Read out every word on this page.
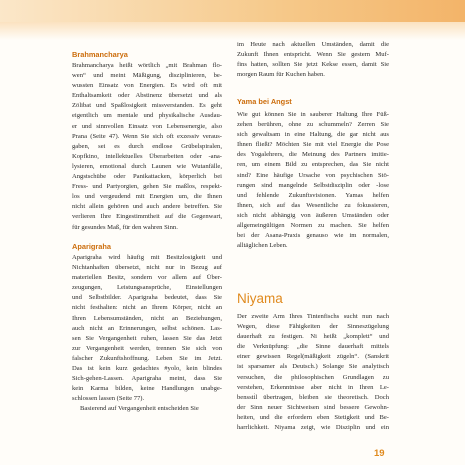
Brahmancharya
Brahmancharya heißt wörtlich „mit Brahman flo-
wen“ und meint Mäßigung, disziplinieren, be-
wussten Einsatz von Energien. Es wird oft mit
Enthaltsamkeit oder Abstinenz übersetzt und als
Zölibat und Spaßlosigkeit missverstanden. Es geht
eigentlich um mentale und physikalische Ausdau-
er und sinnvollen Einsatz von Lebensenergie, also
Prana (Seite 47). Wenn Sie sich oft exzessiv veraus-
gaben, sei es durch endlose Grübelspiralen,
Kopfkino, intellektuelles Überarbeiten oder -ana-
lysieren, emotional durch Launen wie Wutanfälle,
Angstschübe oder Panikattacken, körperlich bei
Fress- und Partyorgien, gehen Sie maßlos, respekt-
los und vergeudend mit Energien um, die Ihnen
nicht allein gehören und auch andere betreffen. Sie
verlieren Ihre Eingestimmtheit auf die Gegenwart,
für gesundes Maß, für den wahren Sinn.
Aparigraha
Aparigraha wird häufig mit Besitzlosigkeit und
Nichtanhaften übersetzt, nicht nur in Bezug auf
materiellen Besitz, sondern vor allem auf Über-
zeugungen, Leistungsansprüche, Einstellungen
und Selbstbilder. Aparigraha bedeutet, dass Sie
nicht festhalten: nicht an Ihrem Körper, nicht an
Ihren Lebensumständen, nicht an Beziehungen,
auch nicht an Erinnerungen, selbst schönen. Las-
sen Sie Vergangenheit ruhen, lassen Sie das Jetzt
zur Vergangenheit werden, trennen Sie sich von
falscher Zukunftshoffnung. Leben Sie im Jetzt.
Das ist kein kurz gedachtes #yolo, kein blindes
Sich-gehen-Lassen. Aparigraha meint, dass Sie
kein Karma bilden, keine Handlungen unabge-
schlossen lassen (Seite 77).
Basierend auf Vergangenheit entscheiden Sie
im Heute nach aktuellen Umständen, damit die
Zukunft Ihnen entspricht. Wenn Sie gestern Muf-
fins hatten, sollten Sie jetzt Kekse essen, damit Sie
morgen Raum für Kuchen haben.
Yama bei Angst
Wie gut können Sie in sauberer Haltung Ihre Füß-
zehen berühren, ohne zu schummeln? Zerren Sie
sich gewaltsam in eine Haltung, die gar nicht aus
Ihnen fließt? Möchten Sie mit viel Energie die Pose
des Yogalehrers, die Meinung des Partners imitie-
ren, um einem Bild zu entsprechen, das Sie nicht
sind? Eine häufige Ursache von psychischen Stö-
rungen sind mangelnde Selbstdisziplin oder -lose
und fehlende Zukunftsvisionen. Yamas helfen
Ihnen, sich auf das Wesentliche zu fokussieren,
sich nicht abhängig von äußeren Umständen oder
allgemeingültigen Normen zu machen. Sie helfen
bei der Asana-Praxis genauso wie im normalen,
alltäglichen Leben.
Niyama
Der zweite Arm Ihres Tintenfischs sucht nun nach
Wegen, diese Fähigkeiten der Sinneszügelung
dauerhaft zu festigen. Ni heißt „komplett“ und
die Verknüpfung: „die Sinne dauerhaft mittels
einer gewissen Regel(mäßigkeit zügeln“. (Sanskrit
ist sparsamer als Deutsch.) Solange Sie analytisch
versuchen, die philosophischen Grundlagen zu
verstehen, Erkenntnisse aber nicht in Ihren Le-
benssti̇l übertragen, bleiben sie theoretisch. Doch
der Sinn neuer Sichtweisen sind bessere Gewohn-
heiten, und die erfordern eben Stetigkeit und Be-
harrlichkeit. Niyama zeigt, wie Disziplin und ein
19
